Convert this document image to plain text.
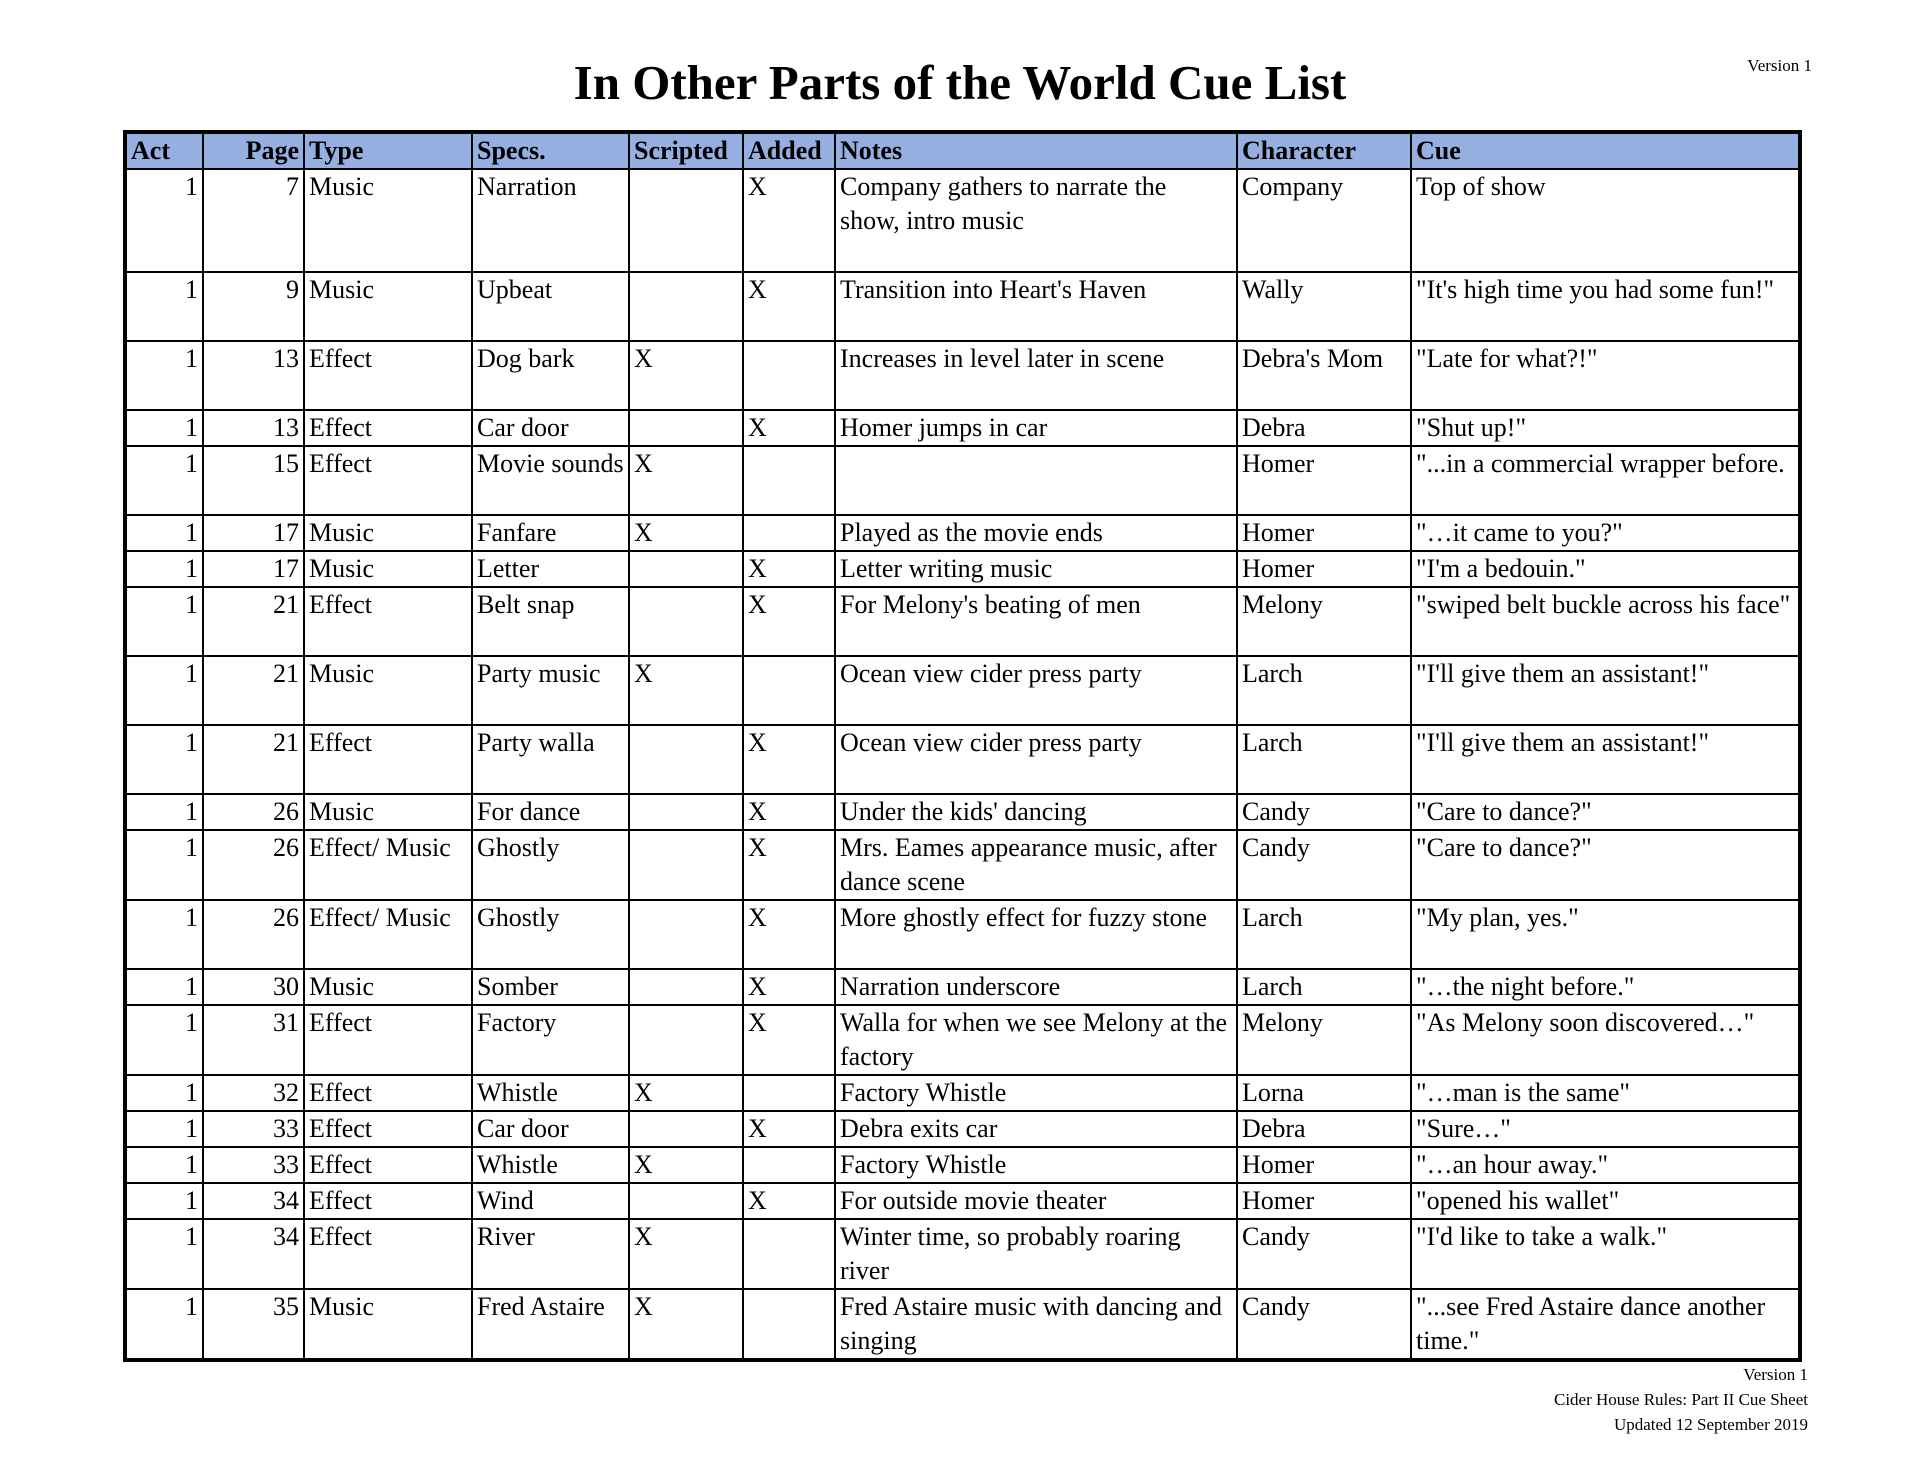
Version 1
In Other Parts of the World Cue List
Act	Page	Type	Specs.	Scripted	Added	Notes	Character	Cue
1	7	Music	Narration		X	Company gathers to narrate the show, intro music	Company	Top of show
1	9	Music	Upbeat		X	Transition into Heart's Haven	Wally	"It's high time you had some fun!"
1	13	Effect	Dog bark	X		Increases in level later in scene	Debra's Mom	"Late for what?!"
1	13	Effect	Car door		X	Homer jumps in car	Debra	"Shut up!"
1	15	Effect	Movie sounds	X			Homer	"...in a commercial wrapper before.
1	17	Music	Fanfare	X		Played as the movie ends	Homer	"…it came to you?"
1	17	Music	Letter		X	Letter writing music	Homer	"I'm a bedouin."
1	21	Effect	Belt snap		X	For Melony's beating of men	Melony	"swiped belt buckle across his face"
1	21	Music	Party music	X		Ocean view cider press party	Larch	"I'll give them an assistant!"
1	21	Effect	Party walla		X	Ocean view cider press party	Larch	"I'll give them an assistant!"
1	26	Music	For dance		X	Under the kids' dancing	Candy	"Care to dance?"
1	26	Effect/ Music	Ghostly		X	Mrs. Eames appearance music, after dance scene	Candy	"Care to dance?"
1	26	Effect/ Music	Ghostly		X	More ghostly effect for fuzzy stone	Larch	"My plan, yes."
1	30	Music	Somber		X	Narration underscore	Larch	"…the night before."
1	31	Effect	Factory		X	Walla for when we see Melony at the factory	Melony	"As Melony soon discovered…"
1	32	Effect	Whistle	X		Factory Whistle	Lorna	"…man is the same"
1	33	Effect	Car door		X	Debra exits car	Debra	"Sure…"
1	33	Effect	Whistle	X		Factory Whistle	Homer	"…an hour away."
1	34	Effect	Wind		X	For outside movie theater	Homer	"opened his wallet"
1	34	Effect	River	X		Winter time, so probably roaring river	Candy	"I'd like to take a walk."
1	35	Music	Fred Astaire	X		Fred Astaire music with dancing and singing	Candy	"...see Fred Astaire dance another time."
Version 1
Cider House Rules: Part II Cue Sheet
Updated 12 September 2019
